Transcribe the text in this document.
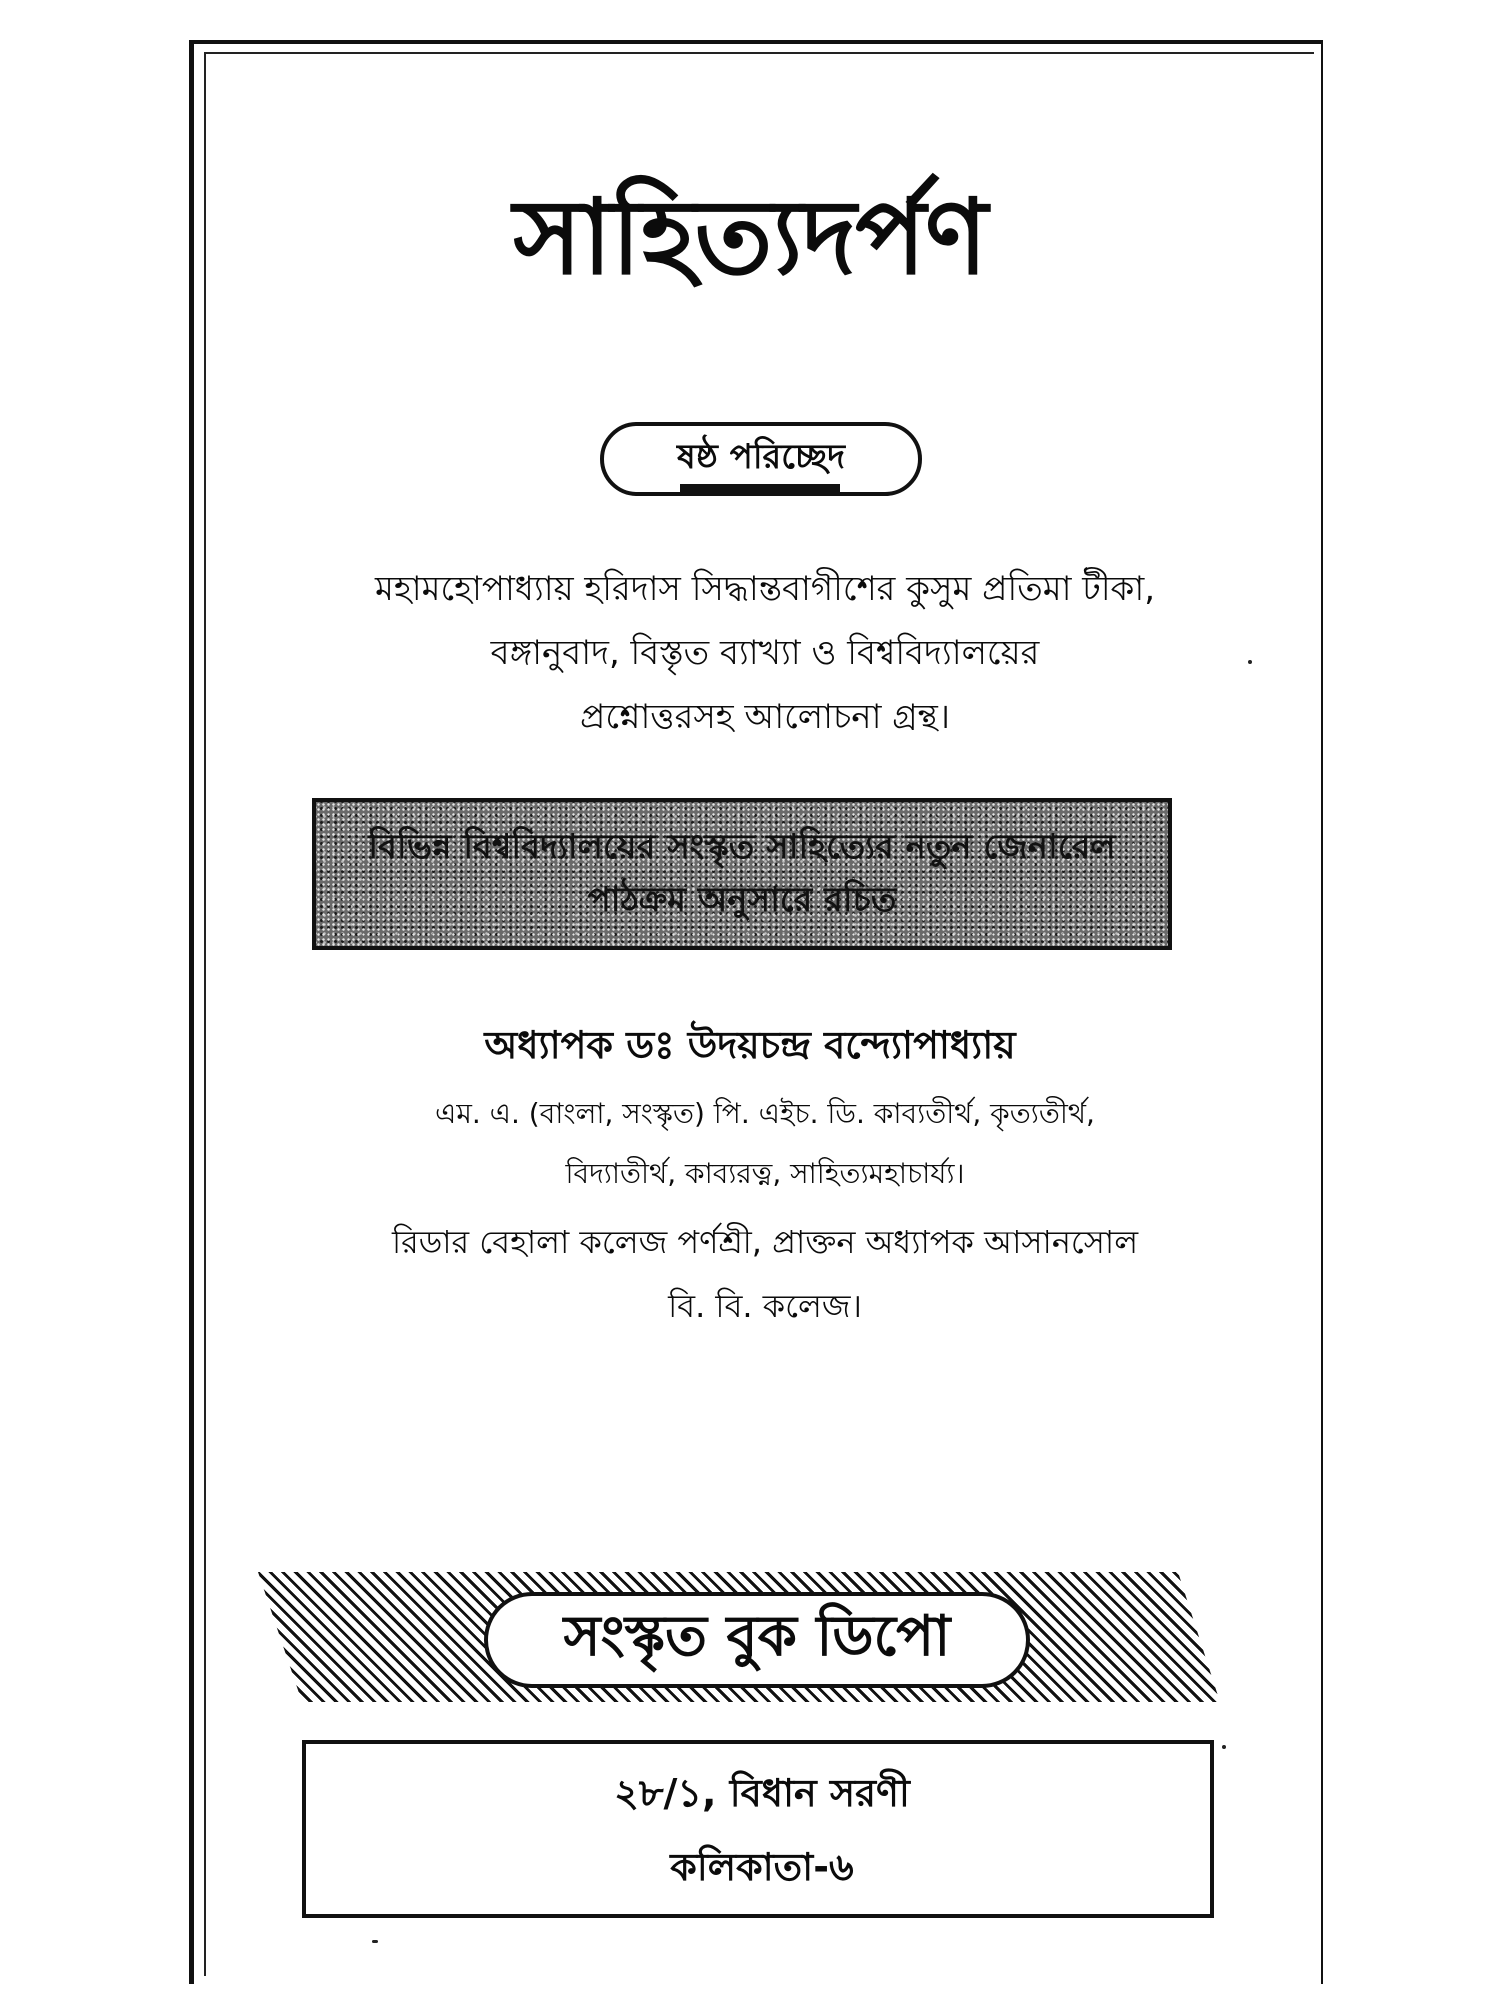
সাহিত্যদর্পণ
ষষ্ঠ পরিচ্ছেদ
মহামহোপাধ্যায় হরিদাস সিদ্ধান্তবাগীশের কুসুম প্রতিমা টীকা,
বঙ্গানুবাদ, বিস্তৃত ব্যাখ্যা ও বিশ্ববিদ্যালয়ের
প্রশ্নোত্তরসহ আলোচনা গ্রন্থ।
বিভিন্ন বিশ্ববিদ্যালয়ের সংস্কৃত সাহিত্যের নতুন জেনারেল
পাঠক্রম অনুসারে রচিত
অধ্যাপক ডঃ উদয়চন্দ্র বন্দ্যোপাধ্যায়
এম. এ. (বাংলা, সংস্কৃত) পি. এইচ. ডি. কাব্যতীর্থ, কৃত্যতীর্থ,
বিদ্যাতীর্থ, কাব্যরত্ন, সাহিত্যমহাচার্য্য।
রিডার বেহালা কলেজ পর্ণশ্রী, প্রাক্তন অধ্যাপক আসানসোল
বি. বি. কলেজ।
সংস্কৃত বুক ডিপো
২৮/১, বিধান সরণী
কলিকাতা-৬
